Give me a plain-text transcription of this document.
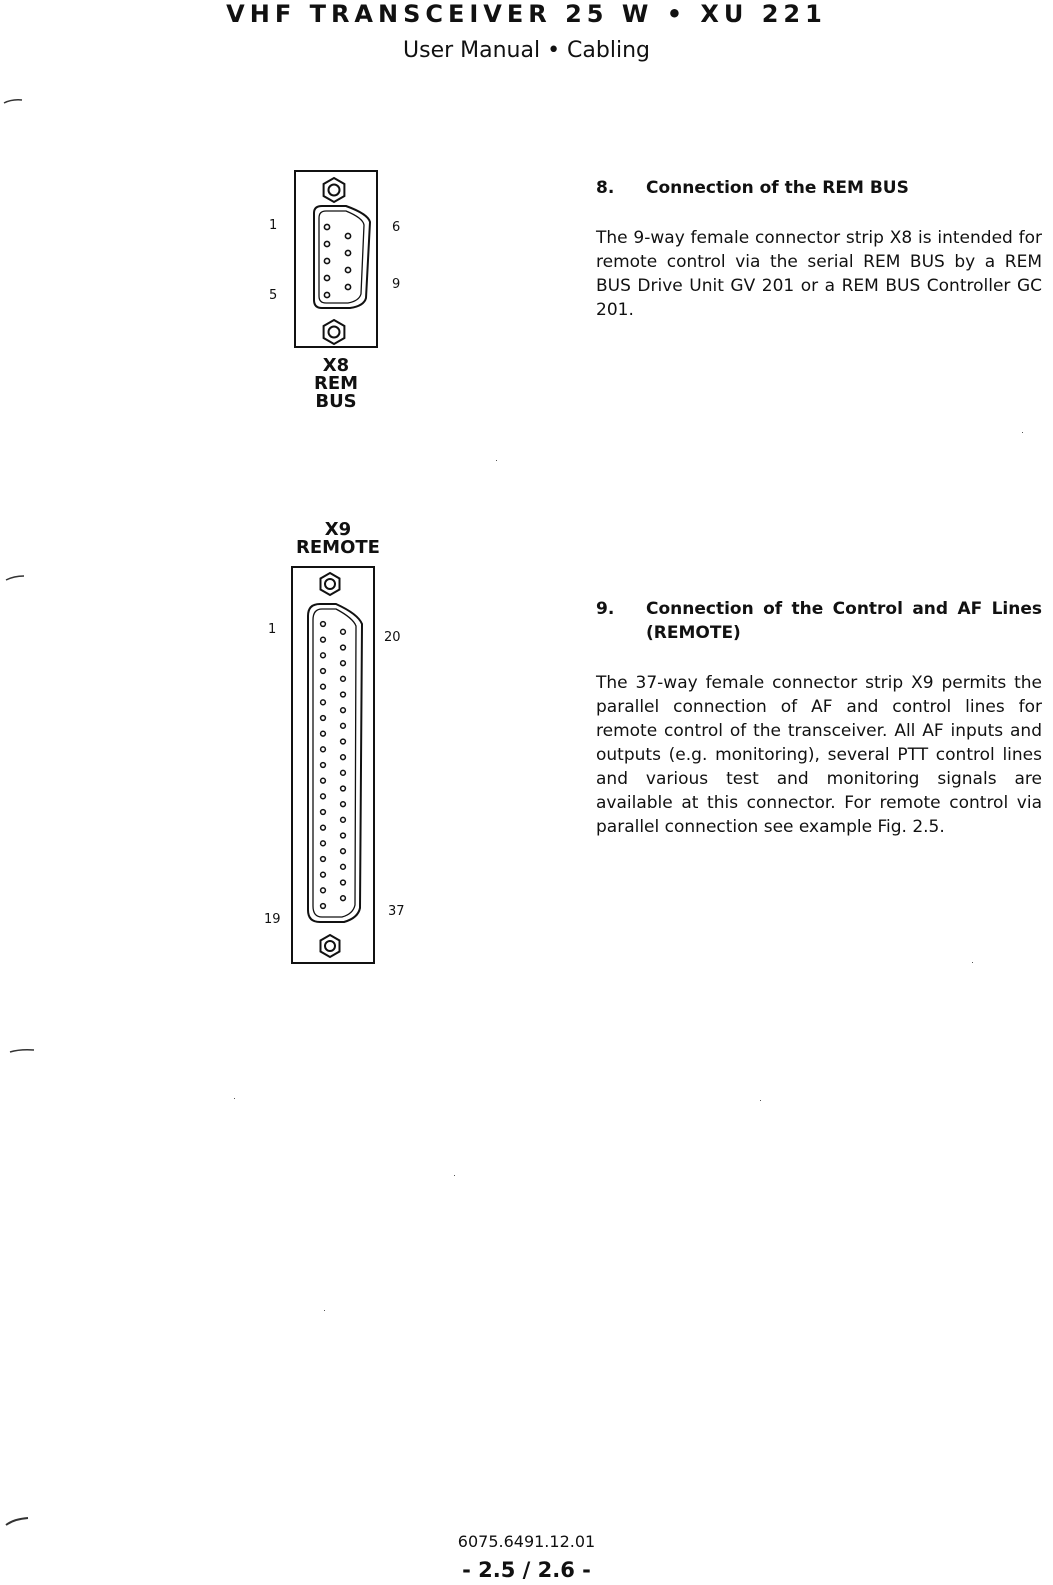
VHF TRANSCEIVER 25 W • XU 221
User Manual • Cabling
1	6
5
9
X8
REM
BUS
8. Connection of the REM BUS
The 9-way female connector strip X8 is intended for remote control via the serial REM BUS by a REM BUS Drive Unit GV 201 or a REM BUS Controller GC 201.
X9
REMOTE
1
20
19
37
9. Connection of the Control and AF Lines
(REMOTE)
The 37-way female connector strip X9 permits the parallel connection of AF and control lines for remote control of the transceiver. All AF inputs and outputs (e.g. monitoring), several PTT control lines and various test and monitoring signals are available at this connector. For remote control via parallel connection see example Fig. 2.5.
6075.6491.12.01
- 2.5 / 2.6 -
